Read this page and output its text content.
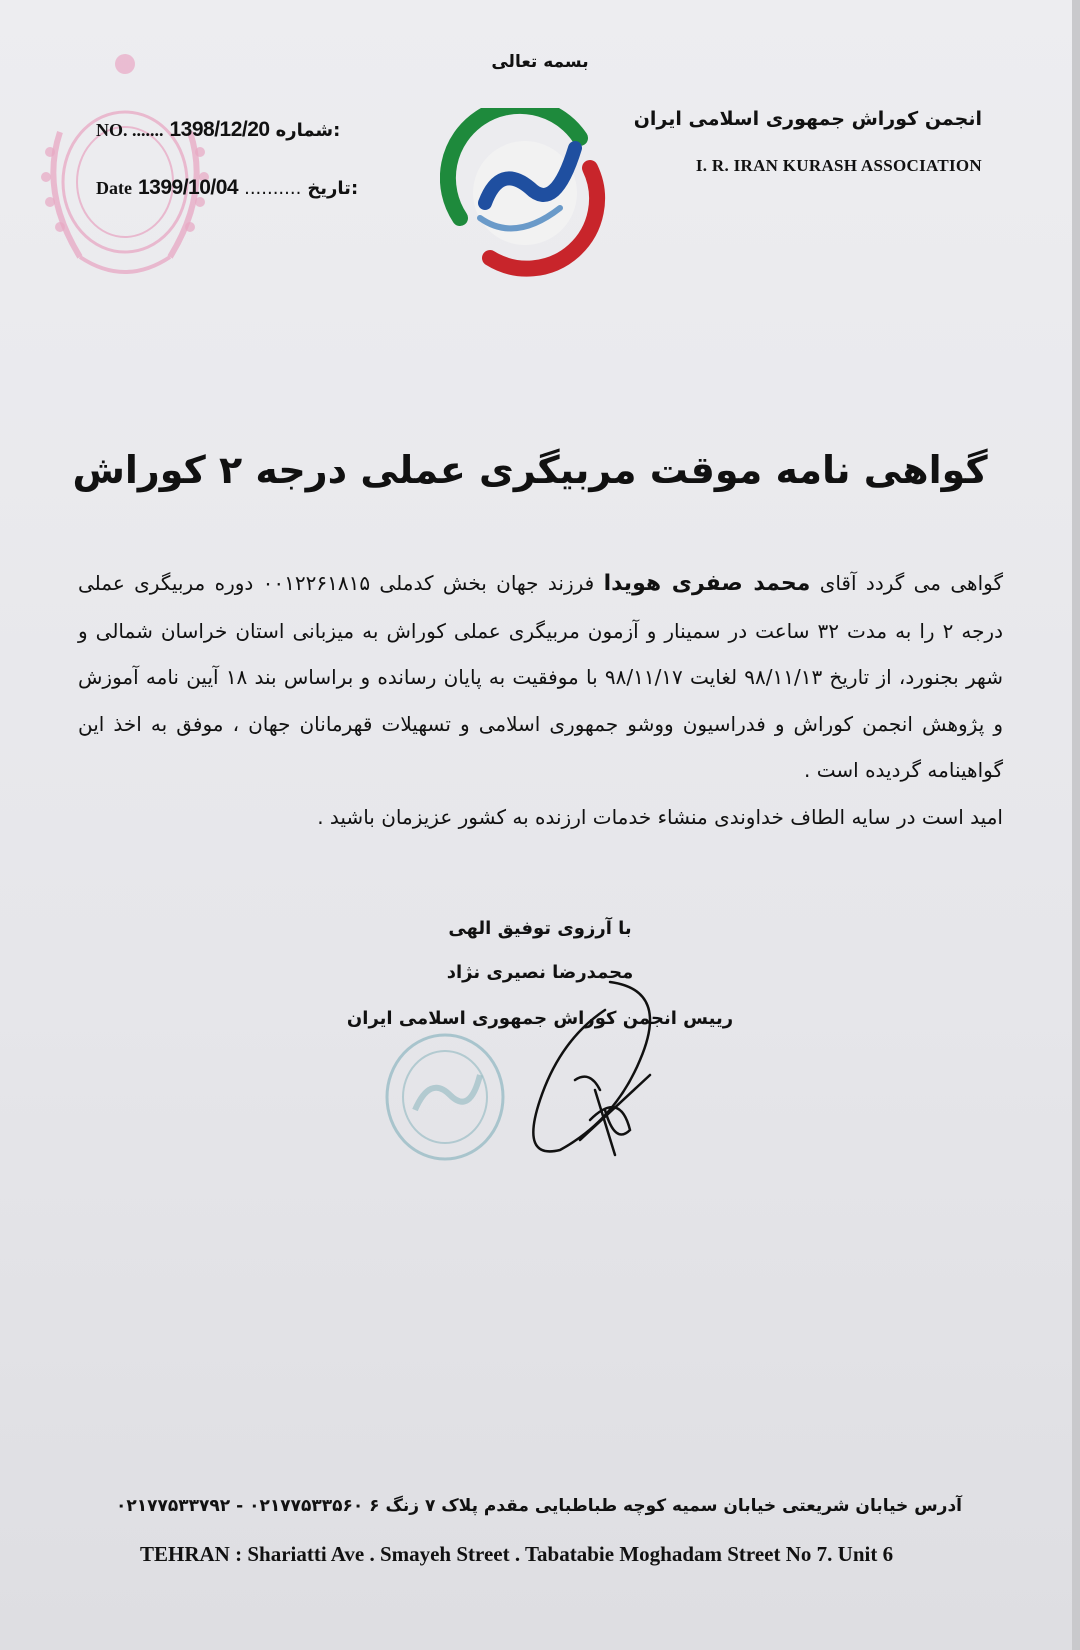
بسمه تعالی
انجمن کوراش جمهوری اسلامی ایران
I. R. IRAN KURASH ASSOCIATION
NO. ....... 1398/12/20 شماره:
Date 1399/10/04 .......... تاریخ:
گواهی نامه موقت مربیگری عملی درجه ۲ کوراش

گواهی می گردد آقای محمد صفری هویدا فرزند جهان بخش کدملی ۰۰۱۲۲۶۱۸۱۵ دوره مربیگری عملی درجه ۲ را به مدت ۳۲ ساعت در سمینار و آزمون مربیگری عملی کوراش به میزبانی استان خراسان شمالی و شهر بجنورد، از تاریخ ۹۸/۱۱/۱۳ لغایت ۹۸/۱۱/۱۷ با موفقیت به پایان رسانده و براساس بند ۱۸ آیین نامه آموزش و پژوهش انجمن کوراش و فدراسیون ووشو جمهوری اسلامی و تسهیلات قهرمانان جهان ، موفق به اخذ این گواهینامه گردیده است .

امید است در سایه الطاف خداوندی منشاء خدمات ارزنده به کشور عزیزمان باشید .

با آرزوی توفیق الهی
محمدرضا نصیری نژاد
رییس انجمن کوراش جمهوری اسلامی ایران
آدرس خیابان شریعتی خیابان سمیه کوچه طباطبایی مقدم پلاک ۷ زنگ ۶ ۰۲۱۷۷۵۳۳۵۶۰ - ۰۲۱۷۷۵۳۳۷۹۲
TEHRAN : Shariatti Ave . Smayeh Street . Tabatabie Moghadam Street No 7. Unit 6
